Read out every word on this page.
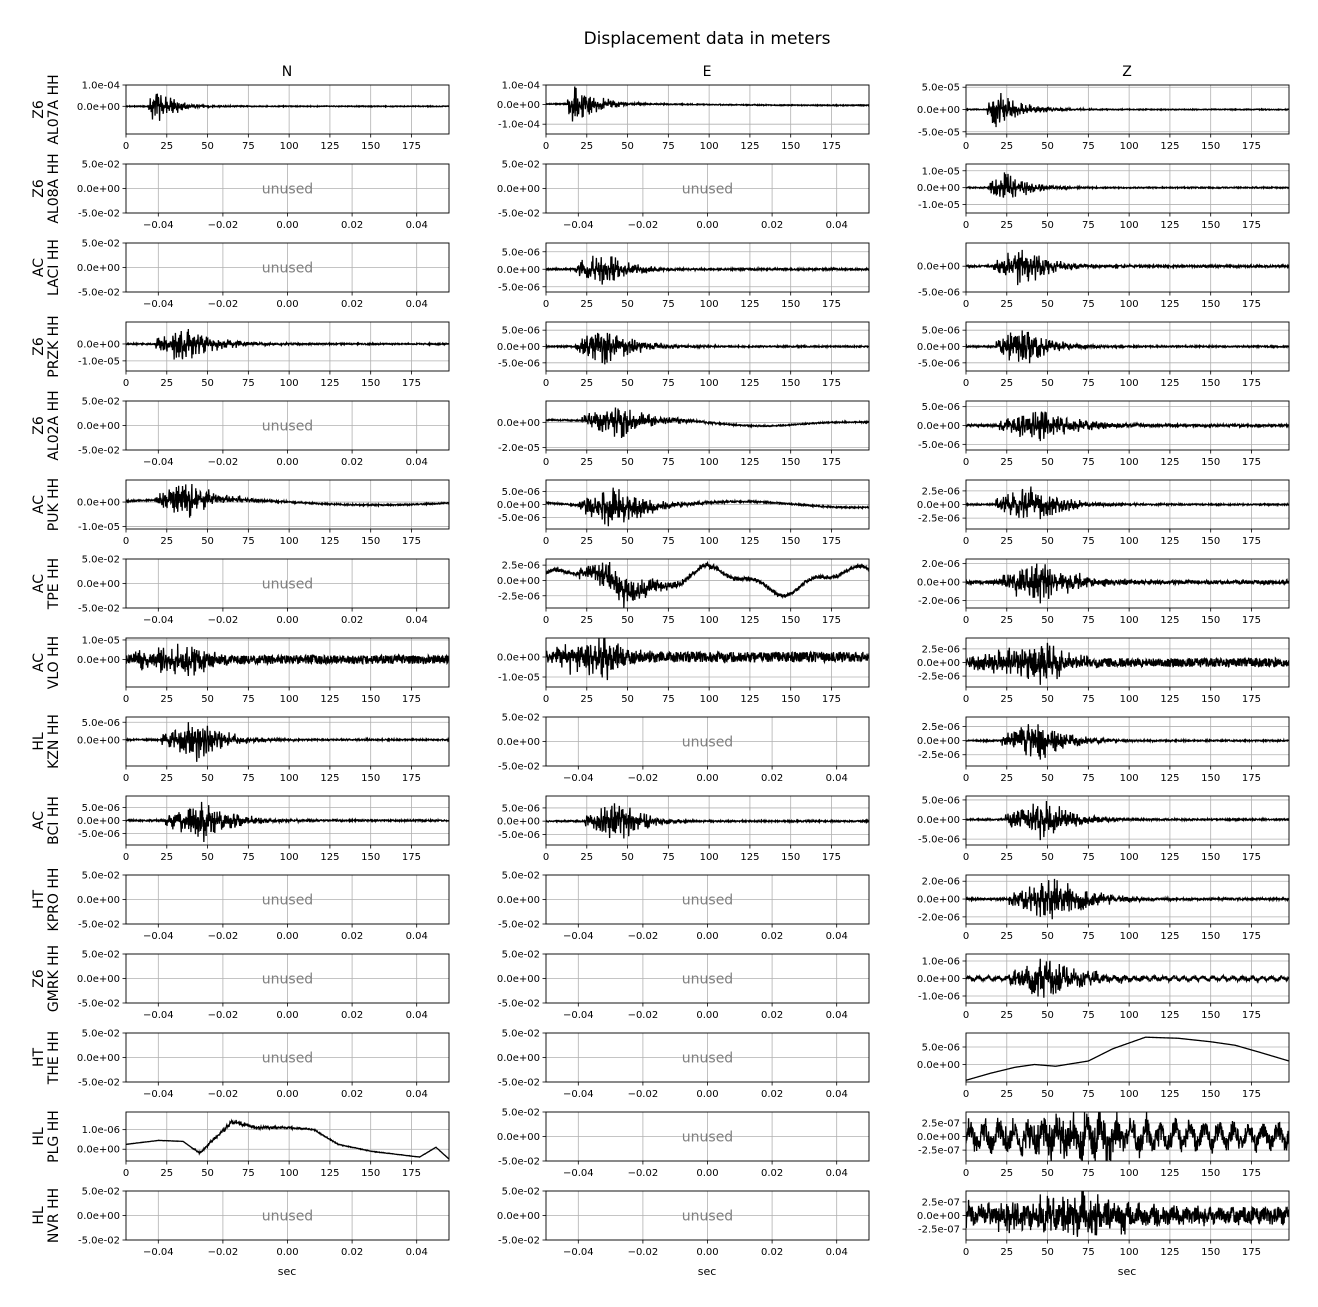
Displacement data in meters
N	E	Z
sec	sec	sec
Z6 AL07A HH
0	25	50	75 100 125 150 175
1.0e-04
0.0e+00
0	25	50	75 100 125 150 175
1.0e-04
0.0e+00
-1.0e-04
0	25	50	75 100 125 150 175
5.0e-05
0.0e+00
-5.0e-05
Z6 AL08A HH	unused
−0.04	−0.02	0.00	0.02	0.04
5.0e-02
0.0e+00
-5.0e-02
unused
−0.04	−0.02	0.00	0.02	0.04
5.0e-02
0.0e+00
-5.0e-02
0	25	50	75 100 125 150 175
1.0e-05
0.0e+00
-1.0e-05
AC LACI HH	unused
−0.04	−0.02	0.00	0.02	0.04
5.0e-02
0.0e+00
-5.0e-02
0	25	50	75 100 125 150 175
5.0e-06
0.0e+00
-5.0e-06
0	25	50	75 100 125 150 175
0.0e+00
-5.0e-06
Z6 PRZK HH
0	25	50	75 100 125 150 175
0.0e+00
-1.0e-05
0	25	50	75 100 125 150 175
5.0e-06
0.0e+00
-5.0e-06
0	25	50	75 100 125 150 175
5.0e-06
0.0e+00
-5.0e-06
Z6 AL02A HH	unused
−0.04	−0.02	0.00	0.02	0.04
5.0e-02
0.0e+00
-5.0e-02
0	25	50	75 100 125 150 175
0.0e+00
-2.0e-05
0	25	50	75 100 125 150 175
5.0e-06
0.0e+00
-5.0e-06
AC PUK HH
0	25	50	75 100 125 150 175
0.0e+00
-1.0e-05
0	25	50	75 100 125 150 175
5.0e-06
0.0e+00
-5.0e-06
0	25	50	75 100 125 150 175
2.5e-06
0.0e+00
-2.5e-06
AC TPE HH	unused
−0.04	−0.02	0.00	0.02	0.04
5.0e-02
0.0e+00
-5.0e-02
0	25	50	75 100 125 150 175
2.5e-06
0.0e+00
-2.5e-06
0	25	50	75 100 125 150 175
2.0e-06
0.0e+00
-2.0e-06
AC VLO HH
0	25	50	75 100 125 150 175
1.0e-05
0.0e+00
0	25	50	75 100 125 150 175
0.0e+00
-1.0e-05
0	25	50	75 100 125 150 175
2.5e-06
0.0e+00
-2.5e-06
HL KZN HH
0	25	50	75 100 125 150 175
5.0e-06
0.0e+00	unused
−0.04	−0.02	0.00	0.02	0.04
5.0e-02
0.0e+00
-5.0e-02
0	25	50	75 100 125 150 175
2.5e-06
0.0e+00
-2.5e-06
AC BCI HH
0	25	50	75 100 125 150 175
5.0e-06
0.0e+00
-5.0e-06
0	25	50	75 100 125 150 175
5.0e-06
0.0e+00
-5.0e-06
0	25	50	75 100 125 150 175
5.0e-06
0.0e+00
-5.0e-06
HT KPRO HH	unused
−0.04	−0.02	0.00	0.02	0.04
5.0e-02
0.0e+00
-5.0e-02
unused
−0.04	−0.02	0.00	0.02	0.04
5.0e-02
0.0e+00
-5.0e-02
0	25	50	75 100 125 150 175
2.0e-06
0.0e+00
-2.0e-06
Z6 GMRK HH	unused
−0.04	−0.02	0.00	0.02	0.04
5.0e-02
0.0e+00
-5.0e-02
unused
−0.04	−0.02	0.00	0.02	0.04
5.0e-02
0.0e+00
-5.0e-02
0	25	50	75 100 125 150 175
1.0e-06
0.0e+00
-1.0e-06
HT THE HH	unused
−0.04	−0.02	0.00	0.02	0.04
5.0e-02
0.0e+00
-5.0e-02
unused
−0.04	−0.02	0.00	0.02	0.04
5.0e-02
0.0e+00
-5.0e-02
0	25	50	75 100 125 150 175
5.0e-06
0.0e+00
HL PLG HH
0	25	50	75 100 125 150 175
1.0e-06
0.0e+00
unused
−0.04	−0.02	0.00	0.02	0.04
5.0e-02
0.0e+00
-5.0e-02
0	25	50	75 100 125 150 175
2.5e-07
0.0e+00
-2.5e-07
HL NVR HH	unused
−0.04	−0.02	0.00	0.02	0.04
5.0e-02
0.0e+00
-5.0e-02
unused
−0.04	−0.02	0.00	0.02	0.04
5.0e-02
0.0e+00
-5.0e-02
0	25	50	75 100 125 150 175
2.5e-07
0.0e+00
-2.5e-07
